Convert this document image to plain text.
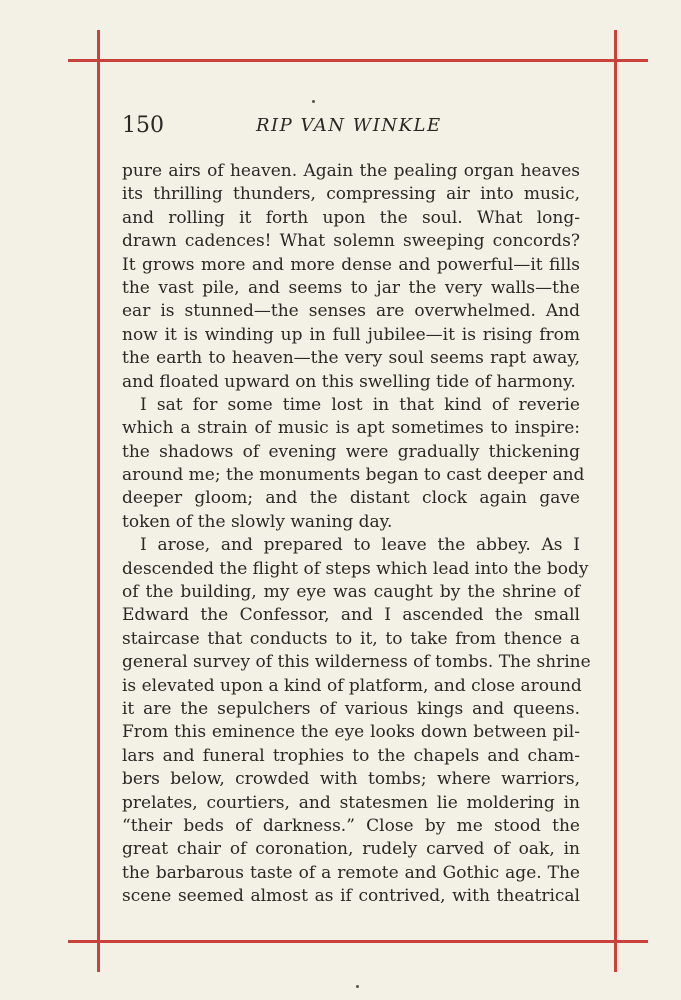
150	RIP VAN WINKLE
pure airs of heaven. Again the pealing organ heaves
its thrilling thunders, compressing air into music,
and rolling it forth upon the soul. What long-
drawn cadences! What solemn sweeping concords?
It grows more and more dense and powerful—it fills
the vast pile, and seems to jar the very walls—the
ear is stunned—the senses are overwhelmed. And
now it is winding up in full jubilee—it is rising from
the earth to heaven—the very soul seems rapt away,
and floated upward on this swelling tide of harmony.
I sat for some time lost in that kind of reverie
which a strain of music is apt sometimes to inspire:
the shadows of evening were gradually thickening
around me; the monuments began to cast deeper and
deeper gloom; and the distant clock again gave
token of the slowly waning day.
I arose, and prepared to leave the abbey. As I
descended the flight of steps which lead into the body
of the building, my eye was caught by the shrine of
Edward the Confessor, and I ascended the small
staircase that conducts to it, to take from thence a
general survey of this wilderness of tombs. The shrine
is elevated upon a kind of platform, and close around
it are the sepulchers of various kings and queens.
From this eminence the eye looks down between pil-
lars and funeral trophies to the chapels and cham-
bers below, crowded with tombs; where warriors,
prelates, courtiers, and statesmen lie moldering in
“their beds of darkness.” Close by me stood the
great chair of coronation, rudely carved of oak, in
the barbarous taste of a remote and Gothic age. The
scene seemed almost as if contrived, with theatrical
